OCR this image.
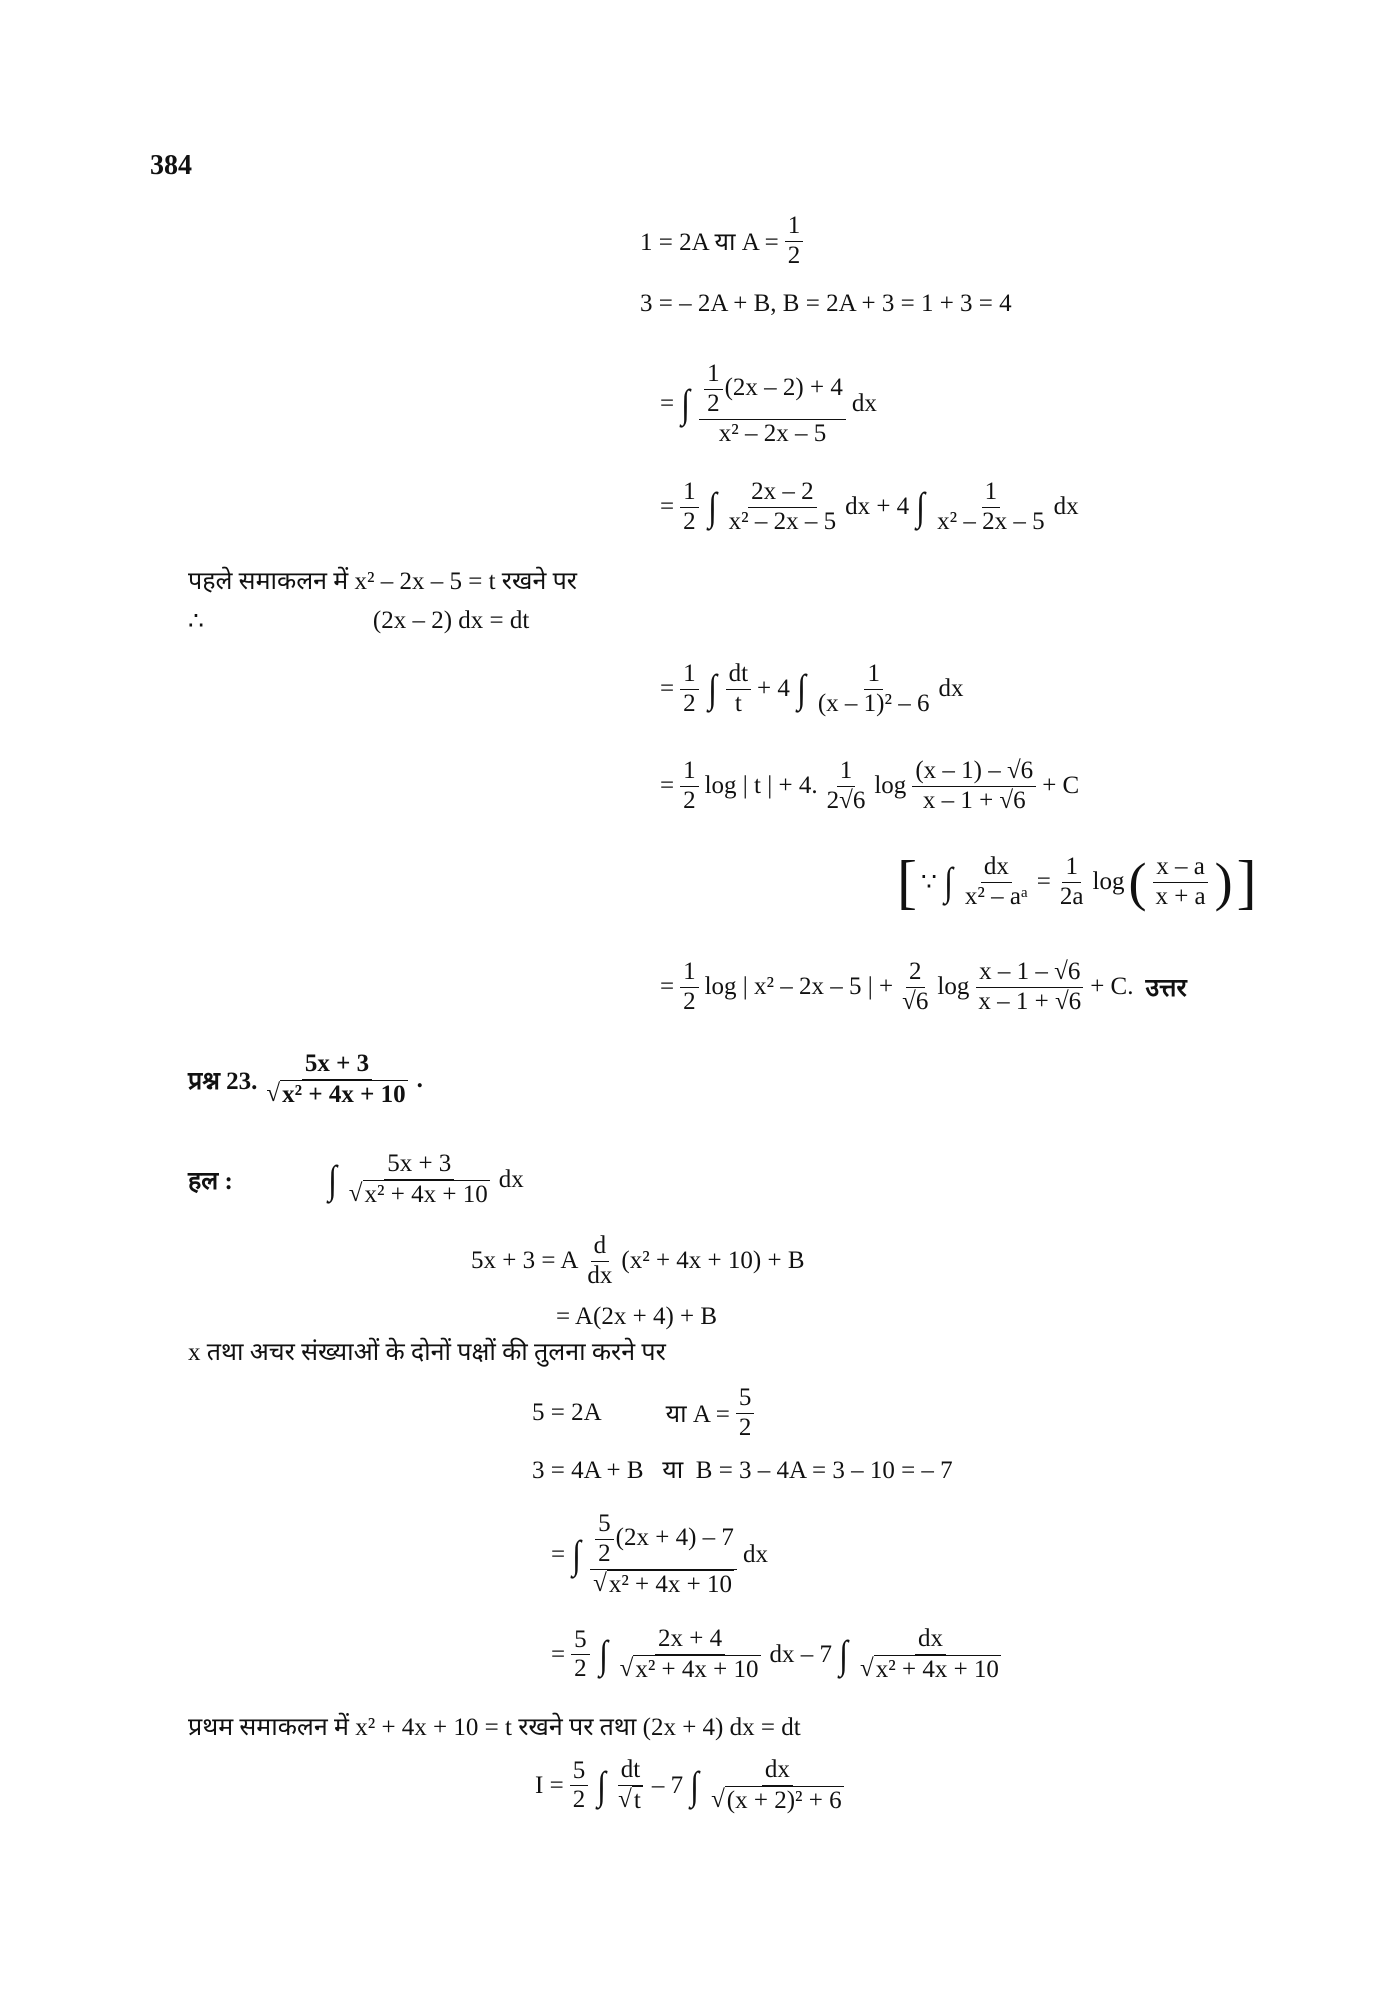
384
1 = 2A या $A = \frac{1}{2}$
3 = – 2A + B, B = 2A + 3 = 1 + 3 = 4
= ∫ $\frac{\frac{1}{2} (2x - 2) + 4}{\text{x² – 2x – 5}}$ dx
= $\frac{1}{2}$ ∫ $\frac{2x - 2}{\text{x² – 2x – 5}}$ dx + 4 ∫ $\frac{1}{\text{x² – 2x – 5}}$ dx
पहले समाकलन में x² – 2x – 5 = t रखने पर
∴	(2x – 2) dx = dt
= $\frac{1}{2}$ ∫ $\frac{dt}{t} + 4$ ∫ $\frac{1}{\text{(x – 1)² – 6}}$ dx
= $\frac{1}{2}$ log | t | + 4. $\frac{1}{2√6}$ $\log \frac{(x - 1) - √6}{x - 1 + √6} + C$
[ ∵ ∫ $\frac{dx}{\text{x² – aᵃ}} = \frac{1}{2a}$ log ( $\frac{x - a}{x + a}$ ) ]
= $\frac{1}{2}$ log | x² – 2x – 5 | + $\frac{2}{√6}$ $\log \frac{x - 1 - √6}{x - 1 + √6} + C$. उत्तर
प्रश्न 23. $\frac{5x + 3}{\text{√ x² + 4x + 10}}$ .
हल : ∫ $\frac{5x + 3}{\text{√ x² + 4x + 10}}$ dx
5x + 3 = A $\frac{d}{dx} (x^2 + 4x + 10) + B$
= A(2x + 4) + B
x तथा अचर संख्याओं के दोनों पक्षों की तुलना करने पर
5 = 2A	या $A = \frac{5}{2}$
3 = 4A + B   या  B = 3 – 4A = 3 – 10 = – 7
= ∫ $\frac{\frac{5}{2} (2x + 4) - 7}{\text{√ x² + 4x + 10}}$ dx
= $\frac{5}{2}$ ∫ $\frac{2x + 4}{\text{√ x² + 4x + 10}}$ dx – 7 ∫ $\frac{dx}{\text{√ x² + 4x + 10}}$
प्रथम समाकलन में x² + 4x + 10 = t रखने पर तथा (2x + 4) dx = dt
$I = \frac{5}{2}$ ∫ $\frac{dt}{√ t} - 7$ ∫ $\frac{dx}{\text{√ (x + 2)² + 6}}$
